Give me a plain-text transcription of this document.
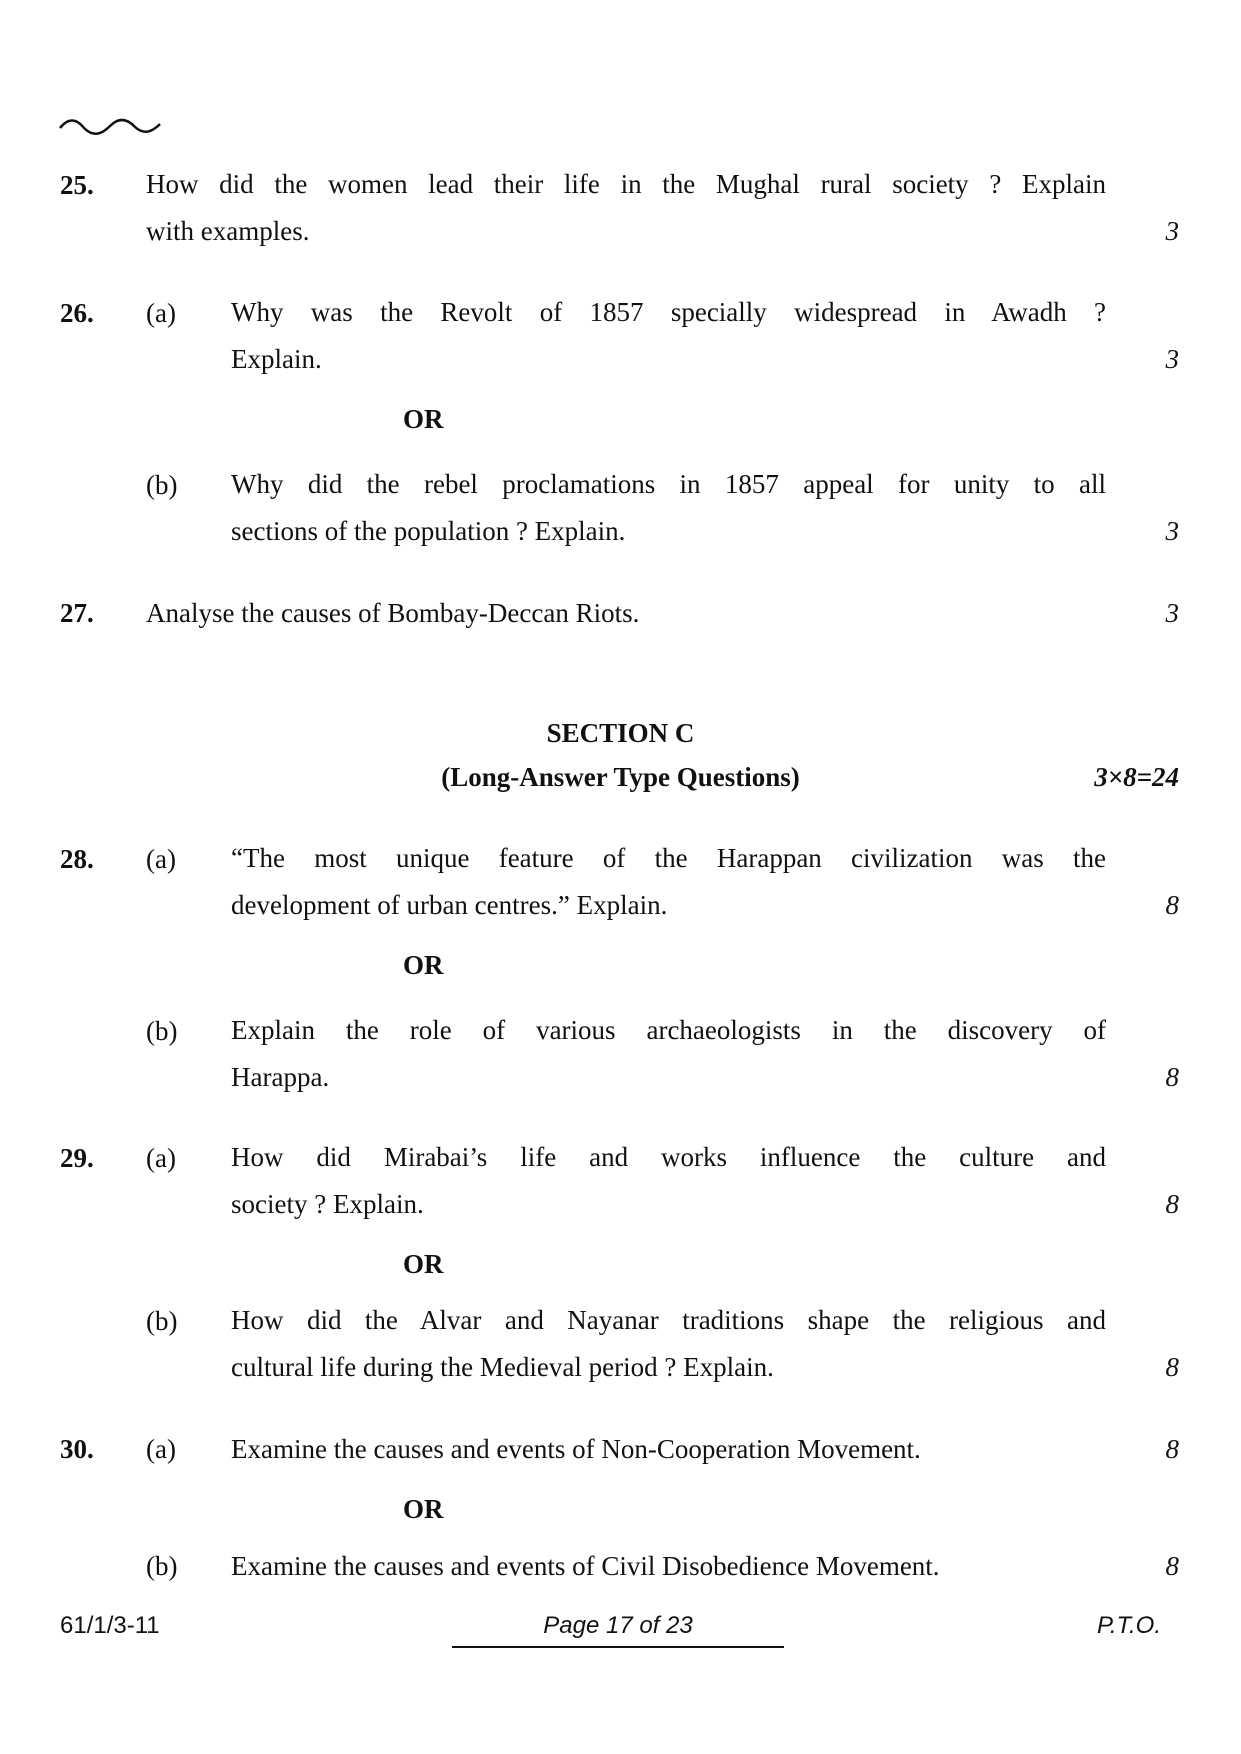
25. How did the women lead their life in the Mughal rural society ? Explain
with examples.	3
26. (a) Why was the Revolt of 1857 specially widespread in Awadh ?
Explain.	3
OR
(b) Why did the rebel proclamations in 1857 appeal for unity to all
sections of the population ? Explain.	3
27. Analyse the causes of Bombay-Deccan Riots.	3
SECTION C
(Long-Answer Type Questions)	3×8=24
28. (a) “The most unique feature of the Harappan civilization was the
development of urban centres.” Explain.	8
OR
(b) Explain the role of various archaeologists in the discovery of
Harappa.	8
29. (a) How did Mirabai’s life and works influence the culture and
society ? Explain.	8
OR
(b) How did the Alvar and Nayanar traditions shape the religious and
cultural life during the Medieval period ? Explain.	8
30. (a) Examine the causes and events of Non-Cooperation Movement.	8
OR
(b) Examine the causes and events of Civil Disobedience Movement.	8
61/1/3-11	Page 17 of 23	P.T.O.
